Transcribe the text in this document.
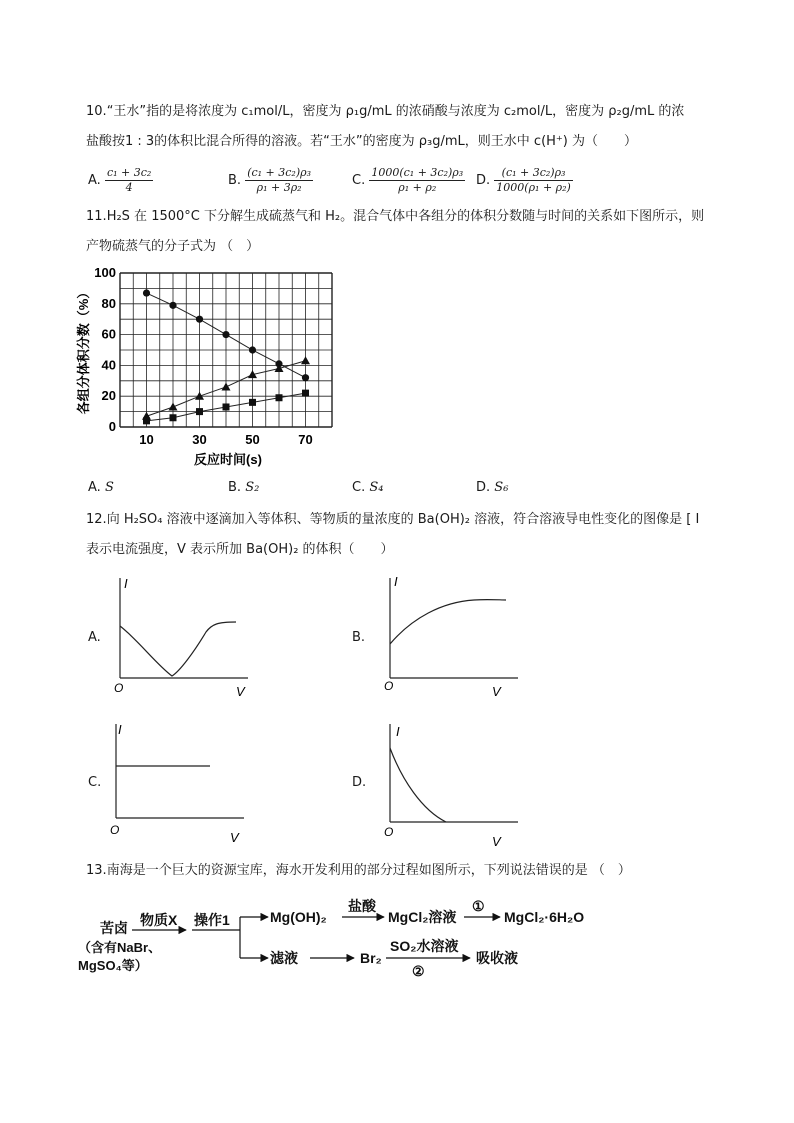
10.“王水”指的是将浓度为 c₁mol/L，密度为 ρ₁g/mL 的浓硝酸与浓度为 c₂mol/L，密度为 ρ₂g/mL 的浓
盐酸按1 : 3的体积比混合所得的溶液。若“王水”的密度为 ρ₃g/mL，则王水中 c(H⁺) 为（　　）
A. $\frac{\text{c₁ + 3c₂}}{4}$	B. $\frac{\text{(c₁ + 3c₂)ρ₃}}{\text{ρ₁ + 3ρ₂}}$	C. $\frac{\text{1000(c₁ + 3c₂)ρ₃}}{\text{ρ₁ + ρ₂}} D$. $\frac{\text{(c₁ + 3c₂)ρ₃}}{\text{1000(ρ₁ + ρ₂)}}$
11.H₂S 在 1500°C 下分解生成硫蒸气和 H₂。混合气体中各组分的体积分数随与时间的关系如下图所示，则
产物硫蒸气的分子式为 （　）
10	30	50	70
0
20
40
60
80
100
反应时间(s)
各组分体积分数（%）
A. S	B. S₂	C. S₄	D. S₆
12.向 H₂SO₄ 溶液中逐滴加入等体积、等物质的量浓度的 Ba(OH)₂ 溶液，符合溶液导电性变化的图像是 [ I
表示电流强度，V 表示所加 Ba(OH)₂ 的体积（　　）
A.
I
V
O
B.
I
V
O
C.
I
V
O
D.
I
V
O
13.南海是一个巨大的资源宝库，海水开发利用的部分过程如图所示，下列说法错误的是 （　）
苦卤
（含有NaBr、
MgSO₄等）
物质X 操作1	Mg(OH)₂
盐酸
MgCl₂溶液
①
MgCl₂·6H₂O
滤液	Br₂
SO₂水溶液
②
吸收液
